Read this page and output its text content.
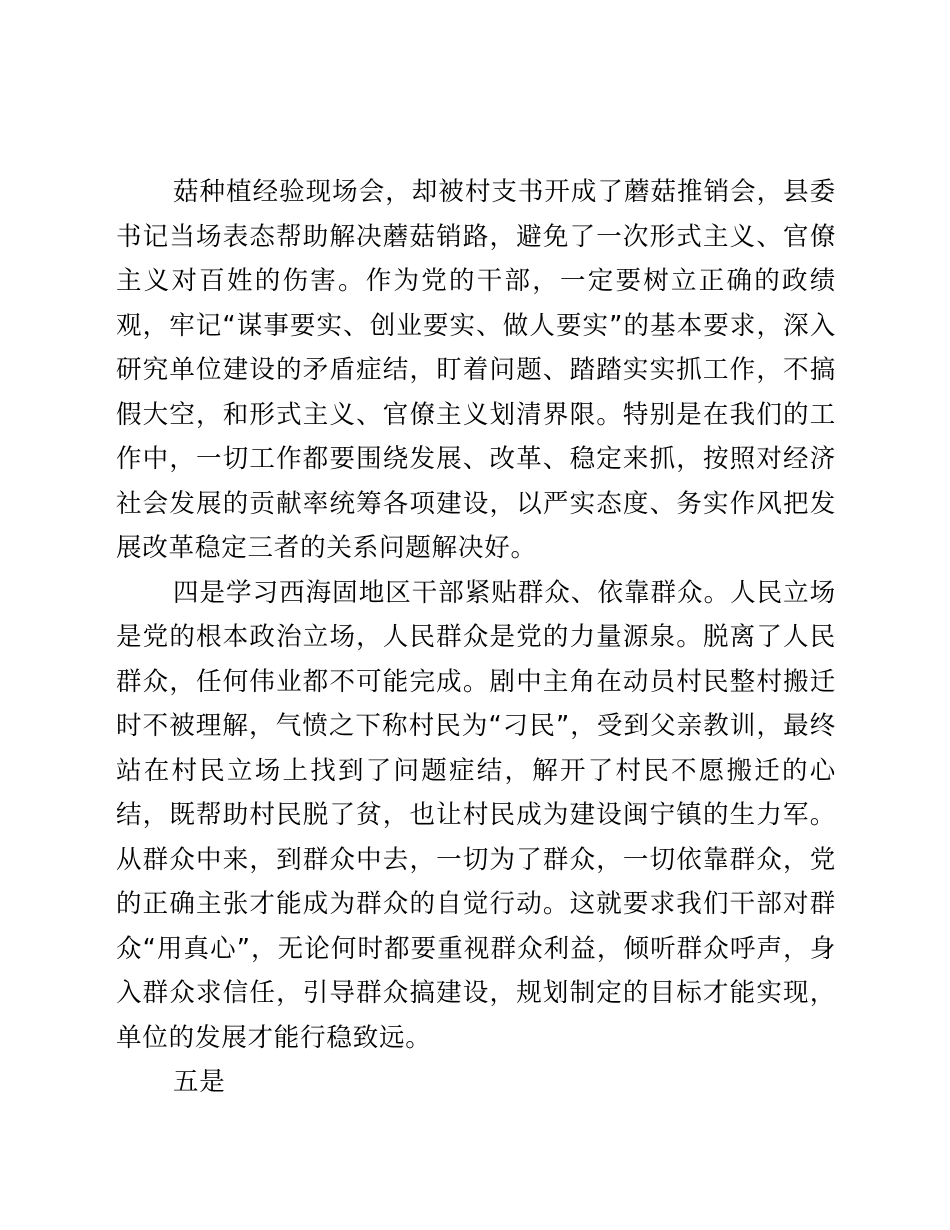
菇种植经验现场会，却被村支书开成了蘑菇推销会，县委书记当场表态帮助解决蘑菇销路，避免了一次形式主义、官僚主义对百姓的伤害。作为党的干部，一定要树立正确的政绩观，牢记“谋事要实、创业要实、做人要实”的基本要求，深入研究单位建设的矛盾症结，盯着问题、踏踏实实抓工作，不搞假大空，和形式主义、官僚主义划清界限。特别是在我们的工作中，一切工作都要围绕发展、改革、稳定来抓，按照对经济社会发展的贡献率统筹各项建设，以严实态度、务实作风把发展改革稳定三者的关系问题解决好。

四是学习西海固地区干部紧贴群众、依靠群众。人民立场是党的根本政治立场，人民群众是党的力量源泉。脱离了人民群众，任何伟业都不可能完成。剧中主角在动员村民整村搬迁时不被理解，气愤之下称村民为“刁民”，受到父亲教训，最终站在村民立场上找到了问题症结，解开了村民不愿搬迁的心结，既帮助村民脱了贫，也让村民成为建设闽宁镇的生力军。从群众中来，到群众中去，一切为了群众，一切依靠群众，党的正确主张才能成为群众的自觉行动。这就要求我们干部对群众“用真心”，无论何时都要重视群众利益，倾听群众呼声，身入群众求信任，引导群众搞建设，规划制定的目标才能实现，单位的发展才能行稳致远。

五是
